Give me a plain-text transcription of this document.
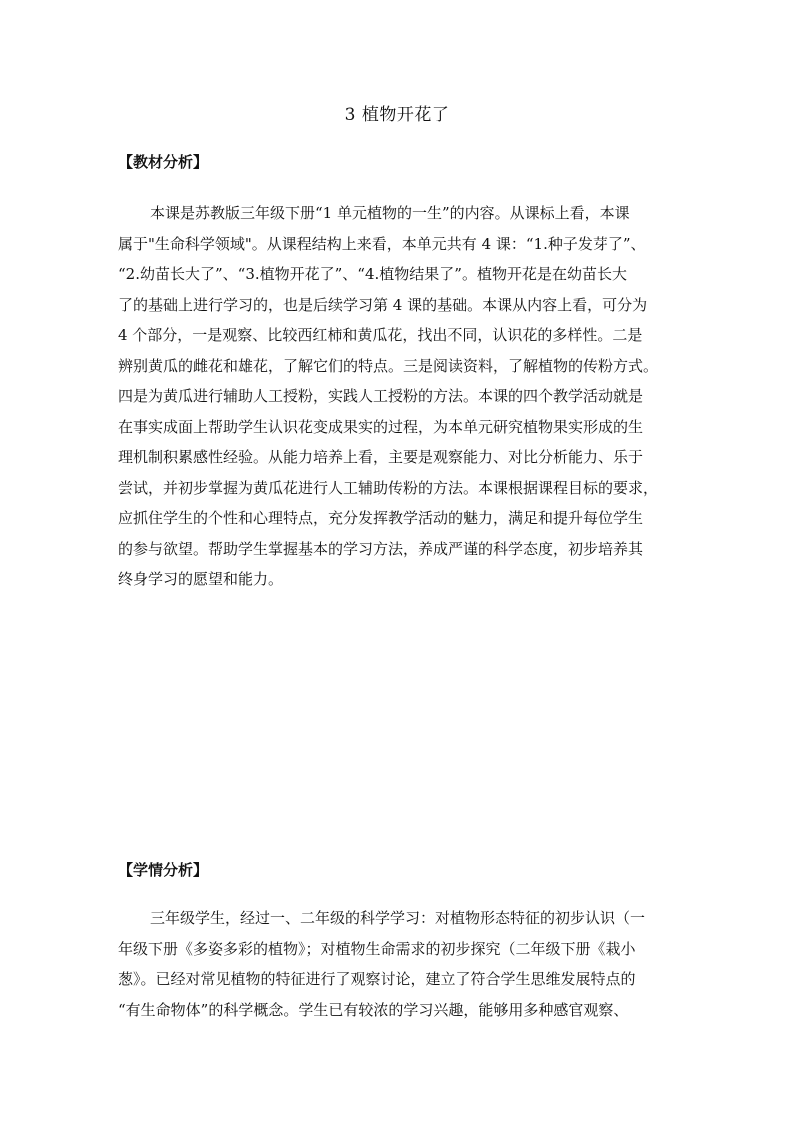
3 植物开花了
【教材分析】
本课是苏教版三年级下册“1 单元植物的一生”的内容。从课标上看，本课
属于"生命科学领域"。从课程结构上来看，本单元共有 4 课：“1.种子发芽了”、
“2.幼苗长大了”、“3.植物开花了”、“4.植物结果了”。植物开花是在幼苗长大
了的基础上进行学习的，也是后续学习第 4 课的基础。本课从内容上看，可分为
4 个部分，一是观察、比较西红柿和黄瓜花，找出不同，认识花的多样性。二是
辨别黄瓜的雌花和雄花，了解它们的特点。三是阅读资料，了解植物的传粉方式。
四是为黄瓜进行辅助人工授粉，实践人工授粉的方法。本课的四个教学活动就是
在事实成面上帮助学生认识花变成果实的过程，为本单元研究植物果实形成的生
理机制积累感性经验。从能力培养上看，主要是观察能力、对比分析能力、乐于
尝试，并初步掌握为黄瓜花进行人工辅助传粉的方法。本课根据课程目标的要求，
应抓住学生的个性和心理特点，充分发挥教学活动的魅力，满足和提升每位学生
的参与欲望。帮助学生掌握基本的学习方法，养成严谨的科学态度，初步培养其
终身学习的愿望和能力。
【学情分析】
三年级学生，经过一、二年级的科学学习：对植物形态特征的初步认识（一
年级下册《多姿多彩的植物》；对植物生命需求的初步探究（二年级下册《栽小
葱》。已经对常见植物的特征进行了观察讨论，建立了符合学生思维发展特点的
“有生命物体”的科学概念。学生已有较浓的学习兴趣，能够用多种感官观察、
